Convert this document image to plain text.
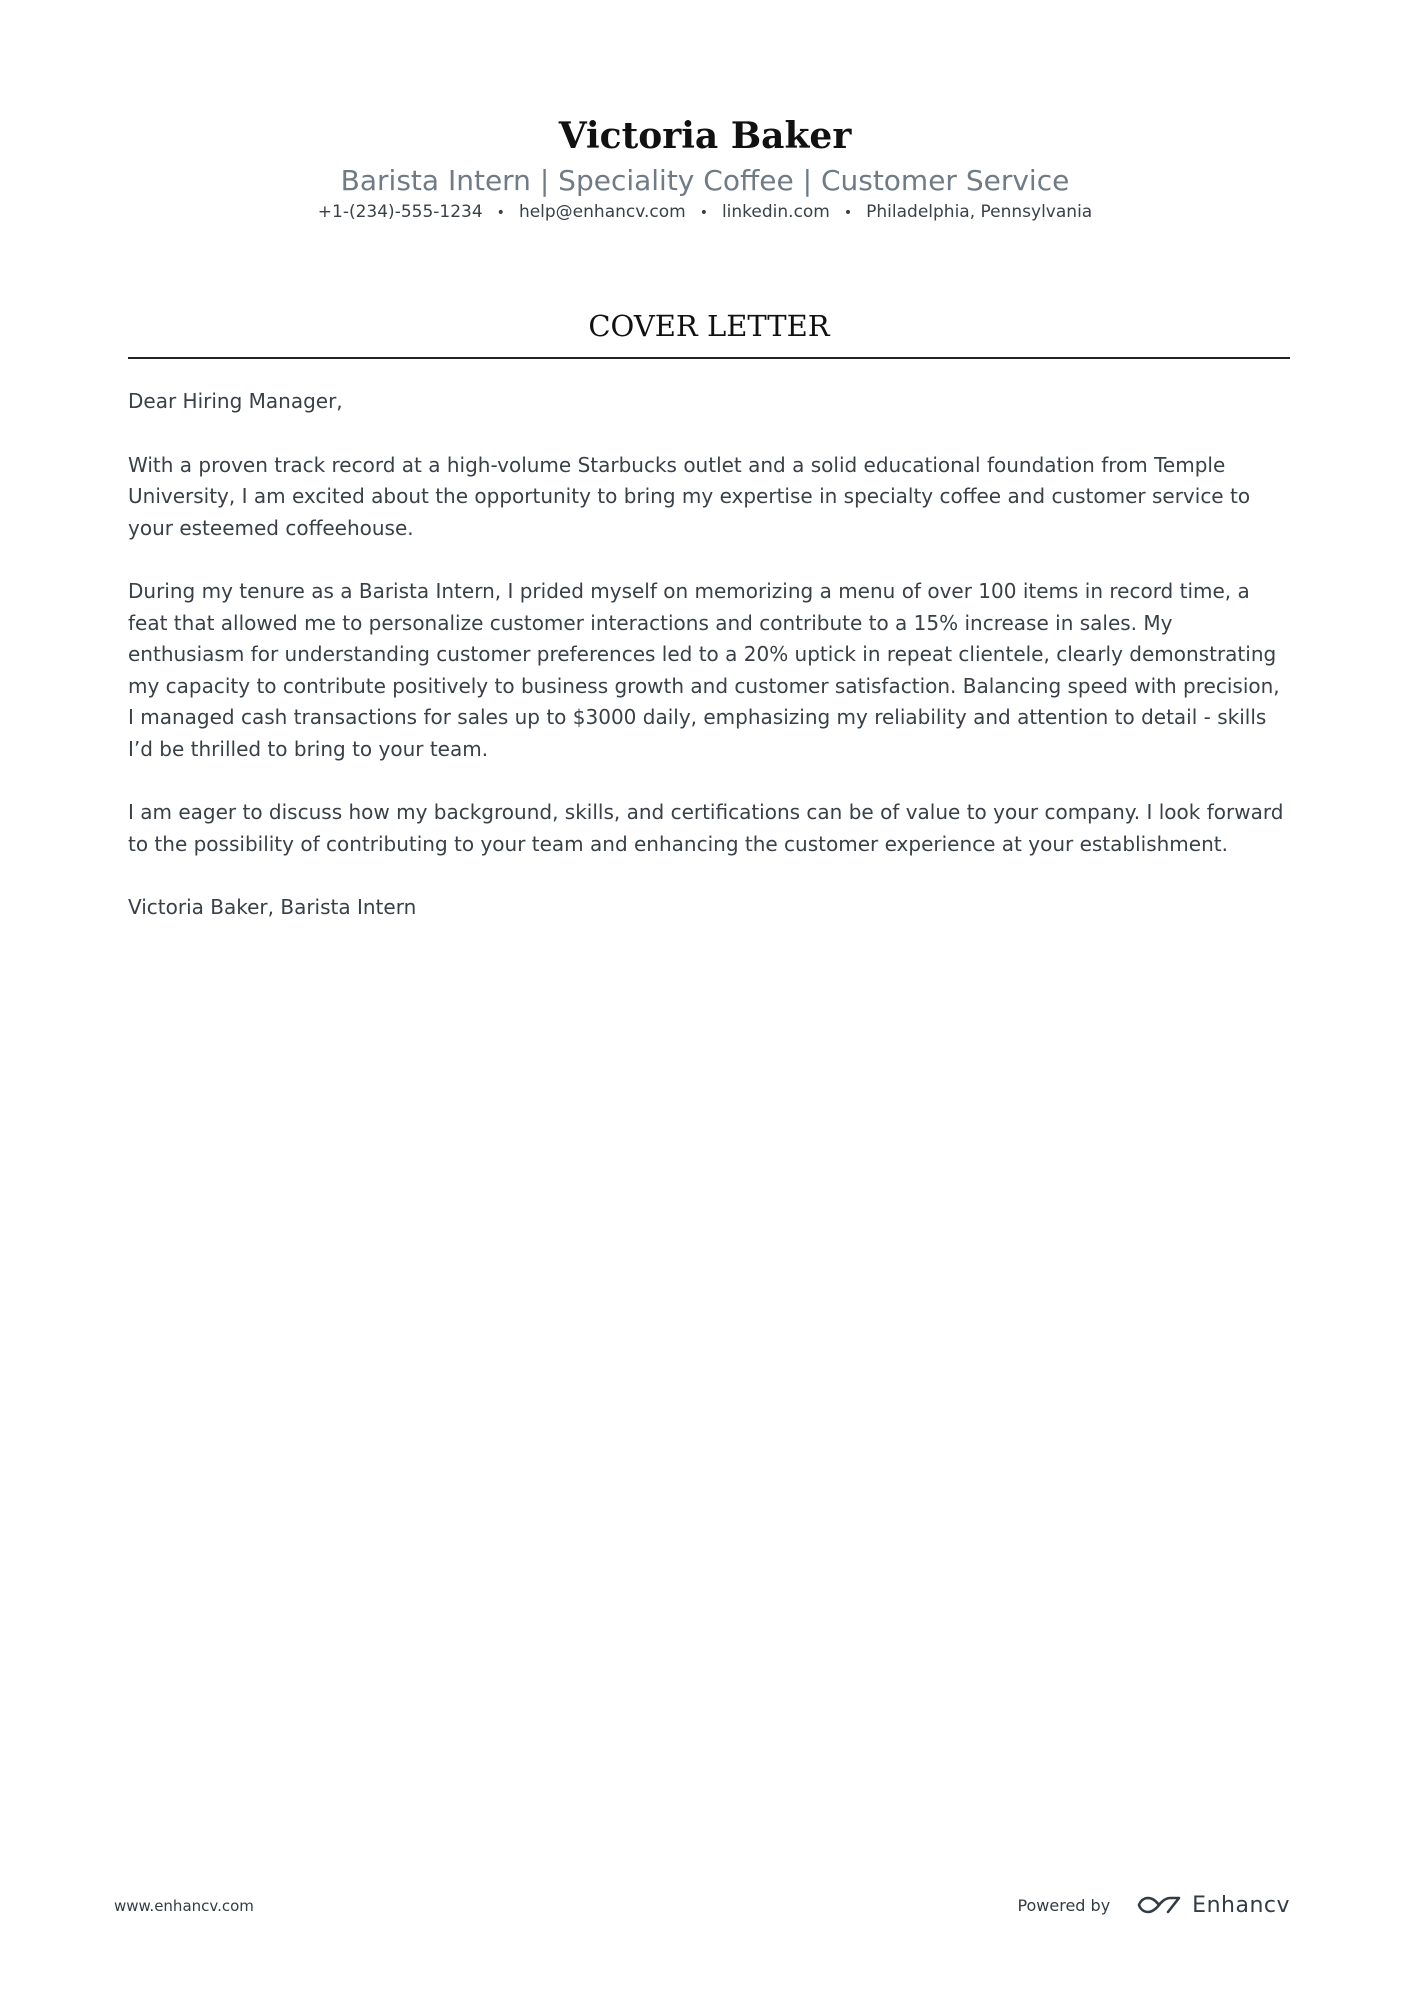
Victoria Baker
Barista Intern | Speciality Coffee | Customer Service
+1-(234)-555-1234 • help@enhancv.com • linkedin.com • Philadelphia, Pennsylvania
COVER LETTER

Dear Hiring Manager,

With a proven track record at a high-volume Starbucks outlet and a solid educational foundation from Temple University, I am excited about the opportunity to bring my expertise in specialty coffee and customer service to your esteemed coffeehouse.

During my tenure as a Barista Intern, I prided myself on memorizing a menu of over 100 items in record time, a feat that allowed me to personalize customer interactions and contribute to a 15% increase in sales. My enthusiasm for understanding customer preferences led to a 20% uptick in repeat clientele, clearly demonstrating my capacity to contribute positively to business growth and customer satisfaction. Balancing speed with precision, I managed cash transactions for sales up to $3000 daily, emphasizing my reliability and attention to detail - skills I’d be thrilled to bring to your team.

I am eager to discuss how my background, skills, and certifications can be of value to your company. I look forward to the possibility of contributing to your team and enhancing the customer experience at your establishment.

Victoria Baker, Barista Intern

www.enhancv.com	Powered by	Enhancv
